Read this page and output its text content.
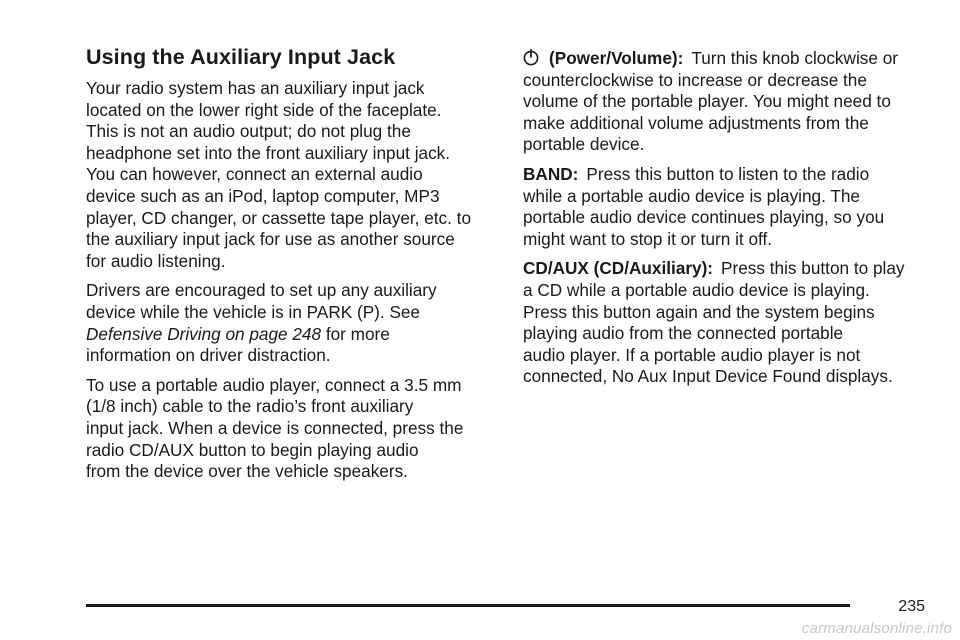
Using the Auxiliary Input Jack

Your radio system has an auxiliary input jack
located on the lower right side of the faceplate.
This is not an audio output; do not plug the
headphone set into the front auxiliary input jack.
You can however, connect an external audio
device such as an iPod, laptop computer, MP3
player, CD changer, or cassette tape player, etc. to
the auxiliary input jack for use as another source
for audio listening.

Drivers are encouraged to set up any auxiliary
device while the vehicle is in PARK (P). See
Defensive Driving on page 248 for more
information on driver distraction.

To use a portable audio player, connect a 3.5 mm
(1/8 inch) cable to the radio’s front auxiliary
input jack. When a device is connected, press the
radio CD/AUX button to begin playing audio
from the device over the vehicle speakers.

(Power/Volume): Turn this knob clockwise or
counterclockwise to increase or decrease the
volume of the portable player. You might need to
make additional volume adjustments from the
portable device.

BAND: Press this button to listen to the radio
while a portable audio device is playing. The
portable audio device continues playing, so you
might want to stop it or turn it off.

CD/AUX (CD/Auxiliary): Press this button to play
a CD while a portable audio device is playing.
Press this button again and the system begins
playing audio from the connected portable
audio player. If a portable audio player is not
connected, No Aux Input Device Found displays.

235
carmanualsonline.info
